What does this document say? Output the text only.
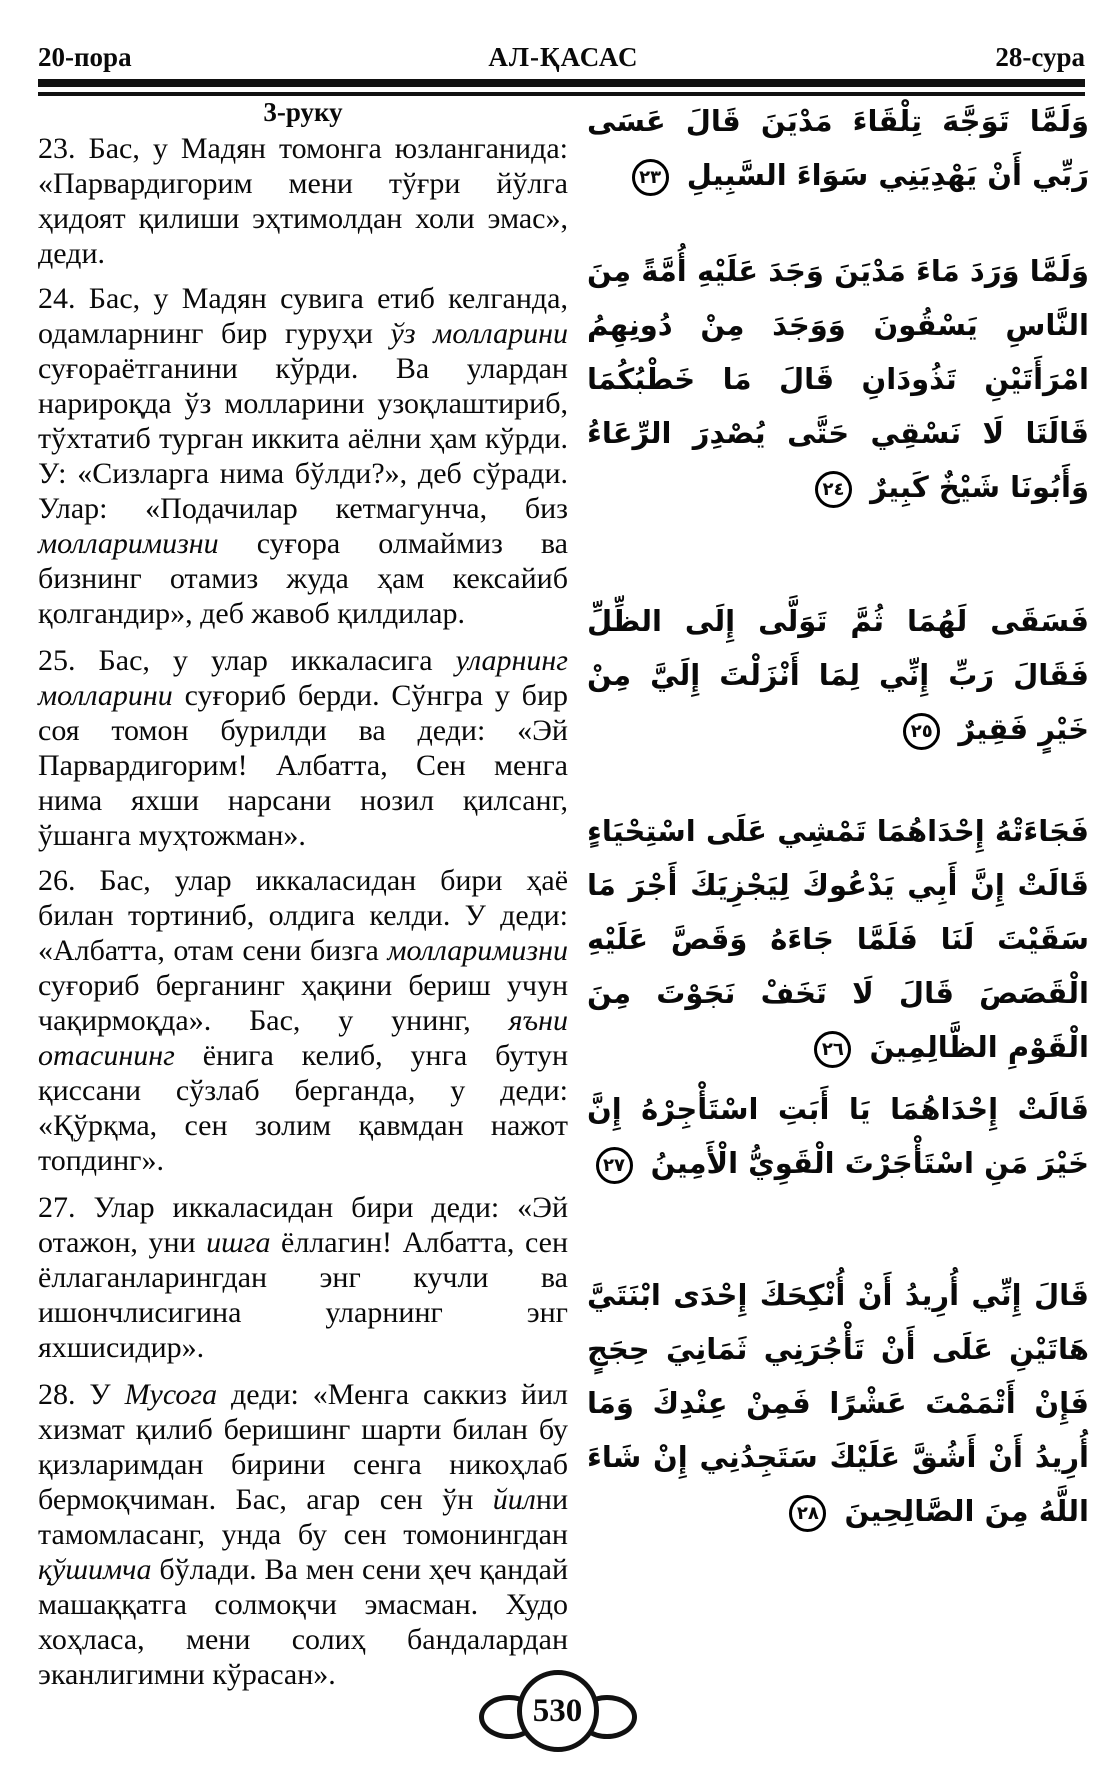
20-пора	АЛ-ҚАСАС	28-сура
3-руку

23. Бас, у Мадян томонга юзланганида: «Парвардигорим мени тўғри йўлга ҳидоят қилиши эҳтимолдан холи эмас», деди.

24. Бас, у Мадян сувига етиб келганда, одамларнинг бир гуруҳи ўз молларини суғораётганини кўрди. Ва улардан нарироқда ўз молларини узоқлаштириб, тўхтатиб турган иккита аёлни ҳам кўрди. У: «Сизларга нима бўлди?», деб сўради. Улар: «Подачилар кетмагунча, биз молларимизни суғора олмаймиз ва бизнинг отамиз жуда ҳам кексайиб қолгандир», деб жавоб қилдилар.

25. Бас, у улар иккаласига уларнинг молларини суғориб берди. Сўнгра у бир соя томон бурилди ва деди: «Эй Парвардигорим! Албатта, Сен менга нима яхши нарсани нозил қилсанг, ўшанга муҳтожман».

26. Бас, улар иккаласидан бири ҳаё билан тортиниб, олдига келди. У деди: «Албатта, отам сени бизга молларимизни суғориб берганинг ҳақини бериш учун чақирмоқда». Бас, у унинг, яъни отасининг ёнига келиб, унга бутун қиссани сўзлаб берганда, у деди: «Қўрқма, сен золим қавмдан нажот топдинг».

27. Улар иккаласидан бири деди: «Эй отажон, уни ишга ёллагин! Албатта, сен ёллаганларингдан энг кучли ва ишончлисигина уларнинг энг яхшисидир».

28. У Мусога деди: «Менга саккиз йил хизмат қилиб беришинг шарти билан бу қизларимдан бирини сенга никоҳлаб бермоқчиман. Бас, агар сен ўн йилни тамомласанг, унда бу сен томонингдан қўшимча бўлади. Ва мен сени ҳеч қандай машаққатга солмоқчи эмасман. Худо хоҳласа, мени солиҳ бандалардан эканлигимни кўрасан».

وَلَمَّا تَوَجَّهَ تِلْقَاءَ مَدْيَنَ قَالَ عَسَى رَبِّي أَنْ يَهْدِيَنِي سَوَاءَ السَّبِيلِ ٢٣
وَلَمَّا وَرَدَ مَاءَ مَدْيَنَ وَجَدَ عَلَيْهِ أُمَّةً مِنَ النَّاسِ يَسْقُونَ وَوَجَدَ مِنْ دُونِهِمُ امْرَأَتَيْنِ تَذُودَانِ قَالَ مَا خَطْبُكُمَا قَالَتَا لَا نَسْقِي حَتَّى يُصْدِرَ الرِّعَاءُ وَأَبُونَا شَيْخٌ كَبِيرٌ ٢٤
فَسَقَى لَهُمَا ثُمَّ تَوَلَّى إِلَى الظِّلِّ فَقَالَ رَبِّ إِنِّي لِمَا أَنْزَلْتَ إِلَيَّ مِنْ خَيْرٍ فَقِيرٌ ٢٥
فَجَاءَتْهُ إِحْدَاهُمَا تَمْشِي عَلَى اسْتِحْيَاءٍ قَالَتْ إِنَّ أَبِي يَدْعُوكَ لِيَجْزِيَكَ أَجْرَ مَا سَقَيْتَ لَنَا فَلَمَّا جَاءَهُ وَقَصَّ عَلَيْهِ الْقَصَصَ قَالَ لَا تَخَفْ نَجَوْتَ مِنَ الْقَوْمِ الظَّالِمِينَ ٢٦
قَالَتْ إِحْدَاهُمَا يَا أَبَتِ اسْتَأْجِرْهُ إِنَّ خَيْرَ مَنِ اسْتَأْجَرْتَ الْقَوِيُّ الْأَمِينُ ٢٧
قَالَ إِنِّي أُرِيدُ أَنْ أُنْكِحَكَ إِحْدَى ابْنَتَيَّ هَاتَيْنِ عَلَى أَنْ تَأْجُرَنِي ثَمَانِيَ حِجَجٍ فَإِنْ أَتْمَمْتَ عَشْرًا فَمِنْ عِنْدِكَ وَمَا أُرِيدُ أَنْ أَشُقَّ عَلَيْكَ سَتَجِدُنِي إِنْ شَاءَ اللَّهُ مِنَ الصَّالِحِينَ ٢٨
530
